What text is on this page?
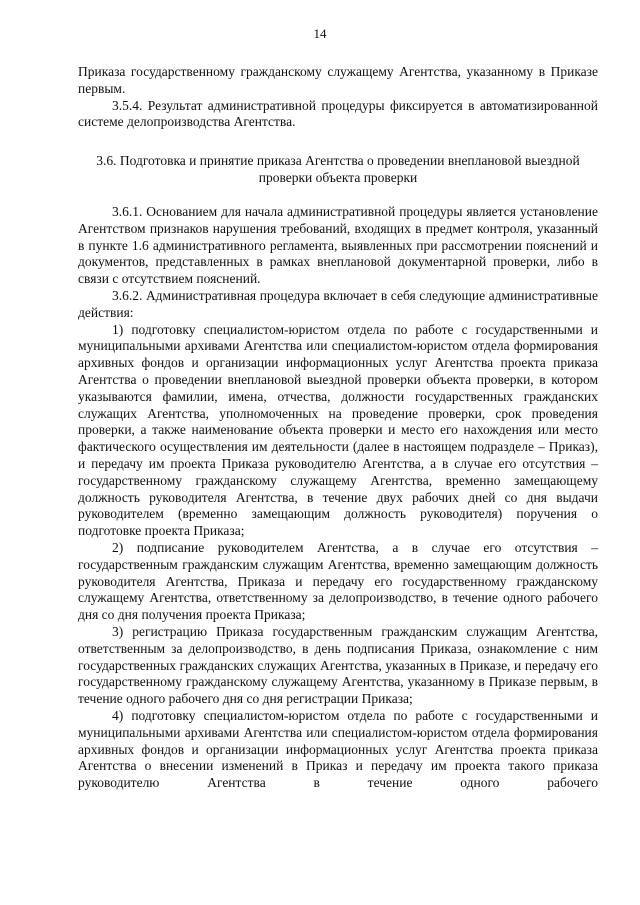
14

Приказа государственному гражданскому служащему Агентства, указанному в Приказе первым.

3.5.4. Результат административной процедуры фиксируется в автоматизированной системе делопроизводства Агентства.

3.6. Подготовка и принятие приказа Агентства о проведении внеплановой выездной проверки объекта проверки

3.6.1. Основанием для начала административной процедуры является установление Агентством признаков нарушения требований, входящих в предмет контроля, указанный в пункте 1.6 административного регламента, выявленных при рассмотрении пояснений и документов, представленных в рамках внеплановой документарной проверки, либо в связи с отсутствием пояснений.

3.6.2. Административная процедура включает в себя следующие административные действия:

1) подготовку специалистом-юристом отдела по работе с государственными и муниципальными архивами Агентства или специалистом-юристом отдела формирования архивных фондов и организации информационных услуг Агентства проекта приказа Агентства о проведении внеплановой выездной проверки объекта проверки, в котором указываются фамилии, имена, отчества, должности государственных гражданских служащих Агентства, уполномоченных на проведение проверки, срок проведения проверки, а также наименование объекта проверки и место его нахождения или место фактического осуществления им деятельности (далее в настоящем подразделе – Приказ), и передачу им проекта Приказа руководителю Агентства, а в случае его отсутствия – государственному гражданскому служащему Агентства, временно замещающему должность руководителя Агентства, в течение двух рабочих дней со дня выдачи руководителем (временно замещающим должность руководителя) поручения о подготовке проекта Приказа;

2) подписание руководителем Агентства, а в случае его отсутствия – государственным гражданским служащим Агентства, временно замещающим должность руководителя Агентства, Приказа и передачу его государственному гражданскому служащему Агентства, ответственному за делопроизводство, в течение одного рабочего дня со дня получения проекта Приказа;

3) регистрацию Приказа государственным гражданским служащим Агентства, ответственным за делопроизводство, в день подписания Приказа, ознакомление с ним государственных гражданских служащих Агентства, указанных в Приказе, и передачу его государственному гражданскому служащему Агентства, указанному в Приказе первым, в течение одного рабочего дня со дня регистрации Приказа;

4) подготовку специалистом-юристом отдела по работе с государственными и муниципальными архивами Агентства или специалистом-юристом отдела формирования архивных фондов и организации информационных услуг Агентства проекта приказа Агентства о внесении изменений в Приказ и передачу им проекта такого приказа руководителю Агентства в течение одного рабочего
